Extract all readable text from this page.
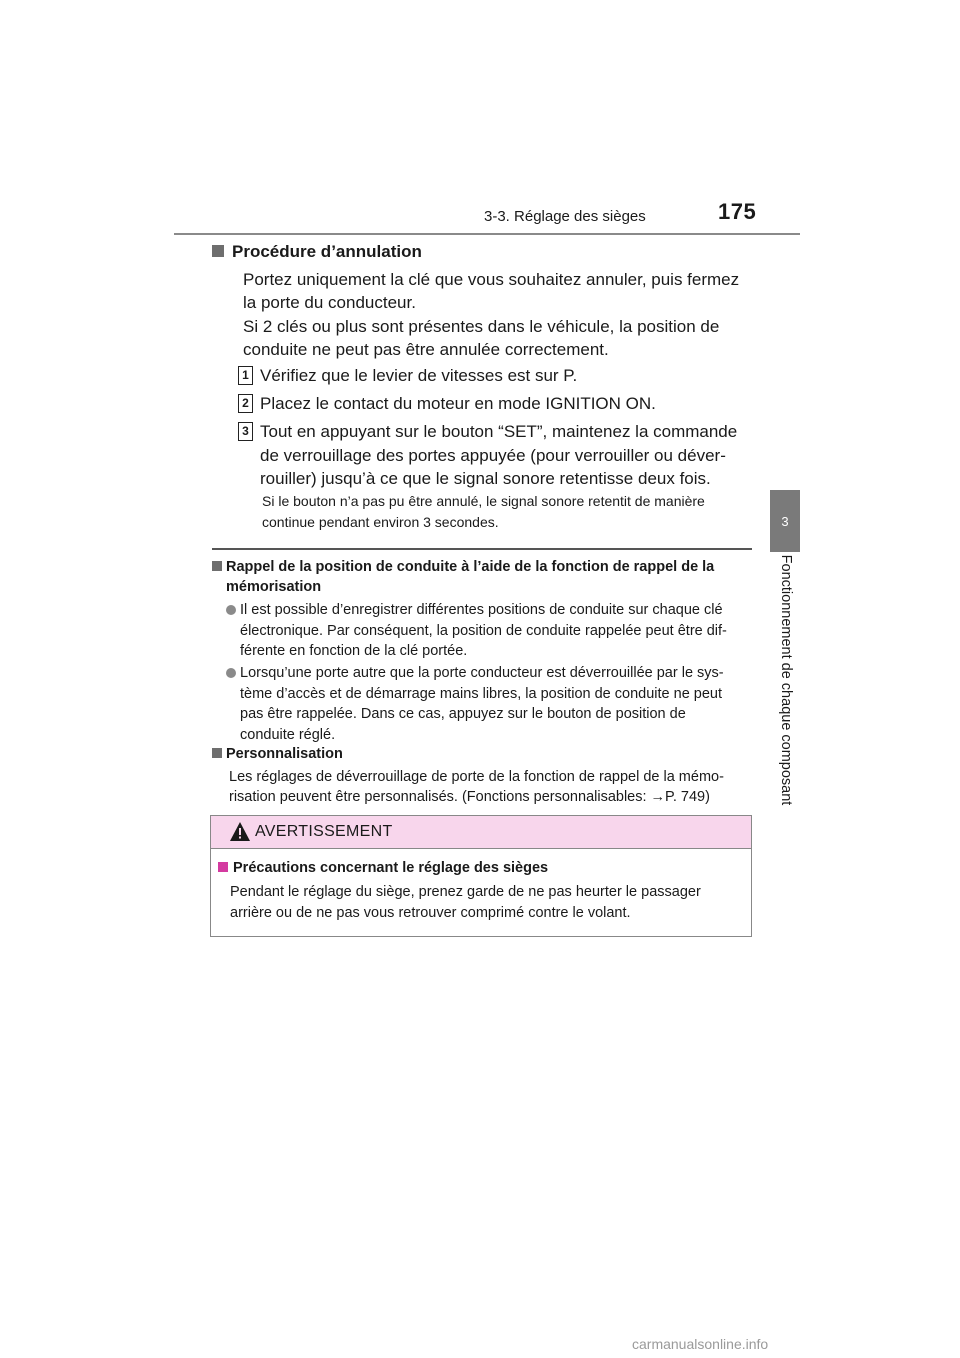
3-3. Réglage des sièges	175
3
Fonctionnement de chaque composant
Procédure d’annulation
Portez uniquement la clé que vous souhaitez annuler, puis fermez
la porte du conducteur.
Si 2 clés ou plus sont présentes dans le véhicule, la position de
conduite ne peut pas être annulée correctement.
1 Vérifiez que le levier de vitesses est sur P.
2 Placez le contact du moteur en mode IGNITION ON.
3 Tout en appuyant sur le bouton “SET”, maintenez la commande
de verrouillage des portes appuyée (pour verrouiller ou déver-
rouiller) jusqu’à ce que le signal sonore retentisse deux fois.
Si le bouton n’a pas pu être annulé, le signal sonore retentit de manière
continue pendant environ 3 secondes.
Rappel de la position de conduite à l’aide de la fonction de rappel de la
mémorisation
Il est possible d’enregistrer différentes positions de conduite sur chaque clé
électronique. Par conséquent, la position de conduite rappelée peut être dif-
férente en fonction de la clé portée.
Lorsqu’une porte autre que la porte conducteur est déverrouillée par le sys-
tème d’accès et de démarrage mains libres, la position de conduite ne peut
pas être rappelée. Dans ce cas, appuyez sur le bouton de position de
conduite réglé.
Personnalisation
Les réglages de déverrouillage de porte de la fonction de rappel de la mémo-
risation peuvent être personnalisés. (Fonctions personnalisables: →P. 749)
AVERTISSEMENT
Précautions concernant le réglage des sièges
Pendant le réglage du siège, prenez garde de ne pas heurter le passager
arrière ou de ne pas vous retrouver comprimé contre le volant.
carmanualsonline.info
